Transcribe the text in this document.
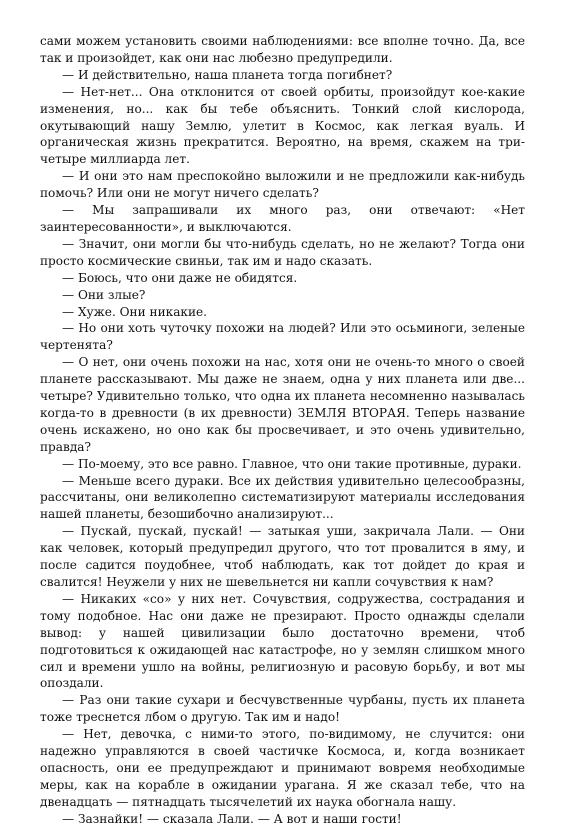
сами можем установить своими наблюдениями: все вполне точно. Да, все так и произойдет, как они нас любезно предупредили.

— И действительно, наша планета тогда погибнет?

— Нет-нет... Она отклонится от своей орбиты, произойдут кое-какие изменения, но... как бы тебе объяснить. Тонкий слой кислорода, окутывающий нашу Землю, улетит в Космос, как легкая вуаль. И органическая жизнь прекратится. Вероятно, на время, скажем на три-четыре миллиарда лет.

— И они это нам преспокойно выложили и не предложили как-нибудь помочь? Или они не могут ничего сделать?

— Мы запрашивали их много раз, они отвечают: «Нет заинтересованности», и выключаются.

— Значит, они могли бы что-нибудь сделать, но не желают? Тогда они просто космические свиньи, так им и надо сказать.

— Боюсь, что они даже не обидятся.

— Они злые?

— Хуже. Они никакие.

— Но они хоть чуточку похожи на людей? Или это осьминоги, зеленые чертенята?

— О нет, они очень похожи на нас, хотя они не очень-то много о своей планете рассказывают. Мы даже не знаем, одна у них планета или две... четыре? Удивительно только, что одна их планета несомненно называлась когда-то в древности (в их древности) ЗЕМЛЯ ВТОРАЯ. Теперь название очень искажено, но оно как бы просвечивает, и это очень удивительно, правда?

— По-моему, это все равно. Главное, что они такие противные, дураки.

— Меньше всего дураки. Все их действия удивительно целесообразны, рассчитаны, они великолепно систематизируют материалы исследования нашей планеты, безошибочно анализируют...

— Пускай, пускай, пускай! — затыкая уши, закричала Лали. — Они как человек, который предупредил другого, что тот провалится в яму, и после садится поудобнее, чтоб наблюдать, как тот дойдет до края и свалится! Неужели у них не шевельнется ни капли сочувствия к нам?

— Никаких «со» у них нет. Сочувствия, содружества, сострадания и тому подобное. Нас они даже не презирают. Просто однажды сделали вывод: у нашей цивилизации было достаточно времени, чтоб подготовиться к ожидающей нас катастрофе, но у землян слишком много сил и времени ушло на войны, религиозную и расовую борьбу, и вот мы опоздали.

— Раз они такие сухари и бесчувственные чурбаны, пусть их планета тоже треснется лбом о другую. Так им и надо!

— Нет, девочка, с ними-то этого, по-видимому, не случится: они надежно управляются в своей частичке Космоса, и, когда возникает опасность, они ее предупреждают и принимают вовремя необходимые меры, как на корабле в ожидании урагана. Я же сказал тебе, что на двенадцать — пятнадцать тысячелетий их наука обогнала нашу.

— Зазнайки! — сказала Лали. — А вот и наши гости!
